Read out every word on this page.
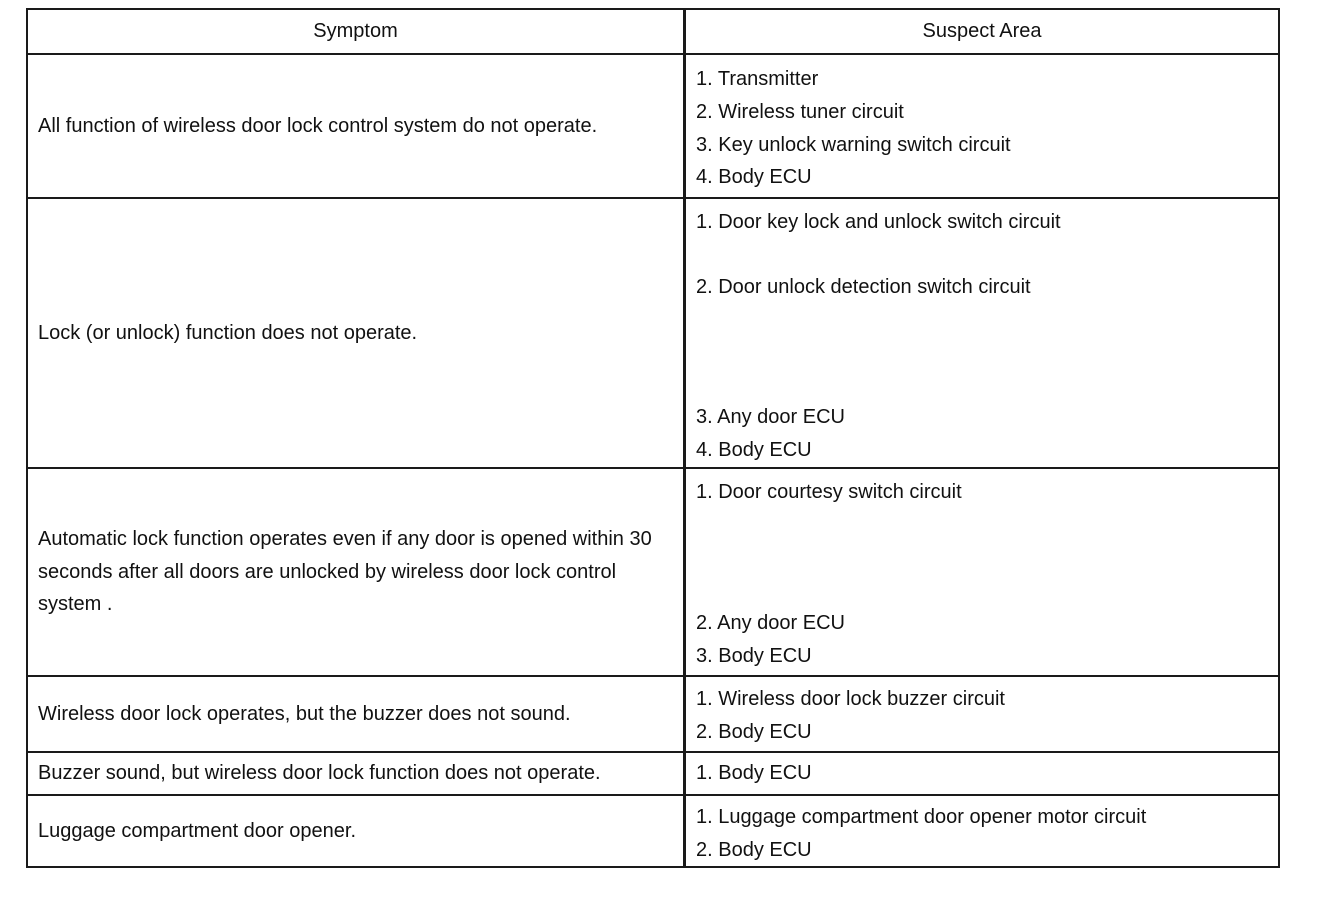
Symptom	Suspect Area
All function of wireless door lock control system do not operate.
1. Transmitter
2. Wireless tuner circuit
3. Key unlock warning switch circuit
4. Body ECU
Lock (or unlock) function does not operate.
1. Door key lock and unlock switch circuit
2. Door unlock detection switch circuit
3. Any door ECU
4. Body ECU
Automatic lock function operates even if any door is opened within 30 seconds after all doors are unlocked by wireless door lock control system .
1. Door courtesy switch circuit
2. Any door ECU
3. Body ECU
Wireless door lock operates, but the buzzer does not sound.
1. Wireless door lock buzzer circuit
2. Body ECU
Buzzer sound, but wireless door lock function does not operate.	1. Body ECU
Luggage compartment door opener.
1. Luggage compartment door opener motor circuit
2. Body ECU
